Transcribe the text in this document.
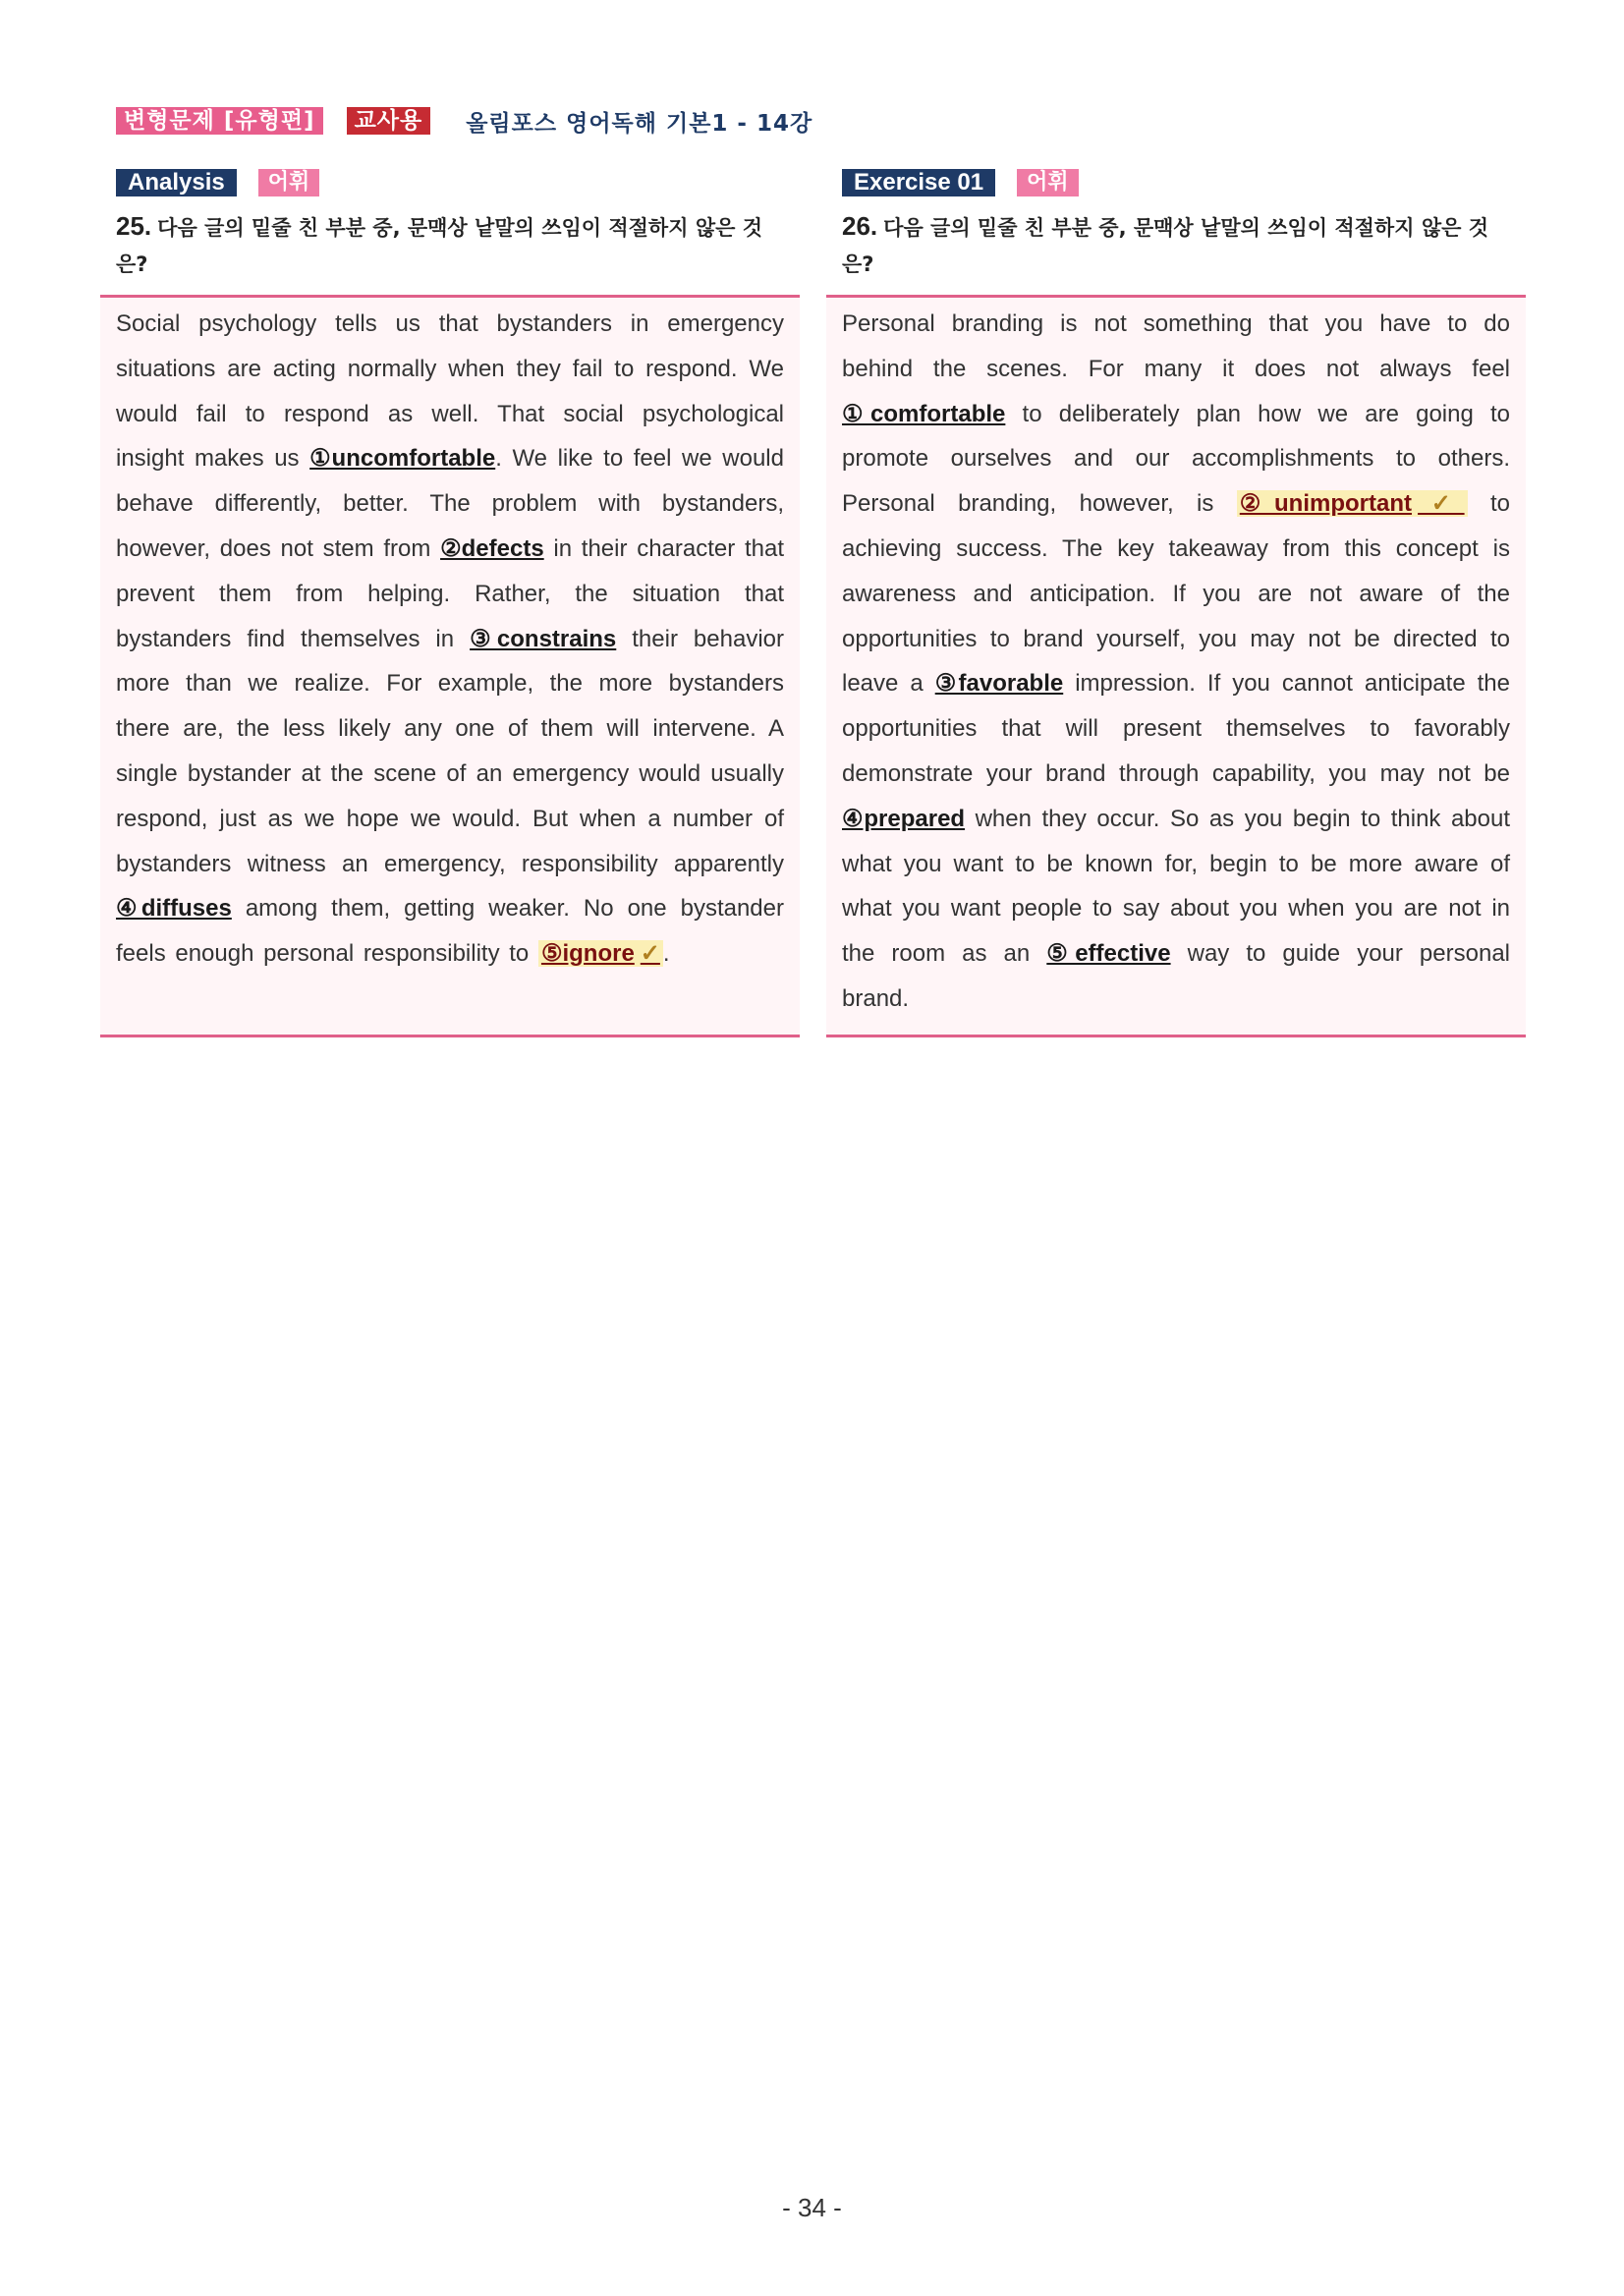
변형문제 [유형편]	교사용	올림포스 영어독해 기본1 - 14강
Analysis	어휘
25. 다음 글의 밑줄 친 부분 중, 문맥상 낱말의 쓰임이 적절하지 않은 것은?

Social psychology tells us that bystanders in emergency situations are acting normally when they fail to respond. We would fail to respond as well. That social psychological insight makes us ①uncomfortable. We like to feel we would behave differently, better. The problem with bystanders, however, does not stem from ②defects in their character that prevent them from helping. Rather, the situation that bystanders find themselves in ③constrains their behavior more than we realize. For example, the more bystanders there are, the less likely any one of them will intervene. A single bystander at the scene of an emergency would usually respond, just as we hope we would. But when a number of bystanders witness an emergency, responsibility apparently ④diffuses among them, getting weaker. No one bystander feels enough personal responsibility to ⑤ignore ✓ .

Exercise 01	어휘
26. 다음 글의 밑줄 친 부분 중, 문맥상 낱말의 쓰임이 적절하지 않은 것은?

Personal branding is not something that you have to do behind the scenes. For many it does not always feel ①comfortable to deliberately plan how we are going to promote ourselves and our accomplishments to others. Personal branding, however, is ②unimportant ✓ to achieving success. The key takeaway from this concept is awareness and anticipation. If you are not aware of the opportunities to brand yourself, you may not be directed to leave a ③favorable impression. If you cannot anticipate the opportunities that will present themselves to favorably demonstrate your brand through capability, you may not be ④prepared when they occur. So as you begin to think about what you want to be known for, begin to be more aware of what you want people to say about you when you are not in the room as an ⑤effective way to guide your personal brand.

- 34 -
